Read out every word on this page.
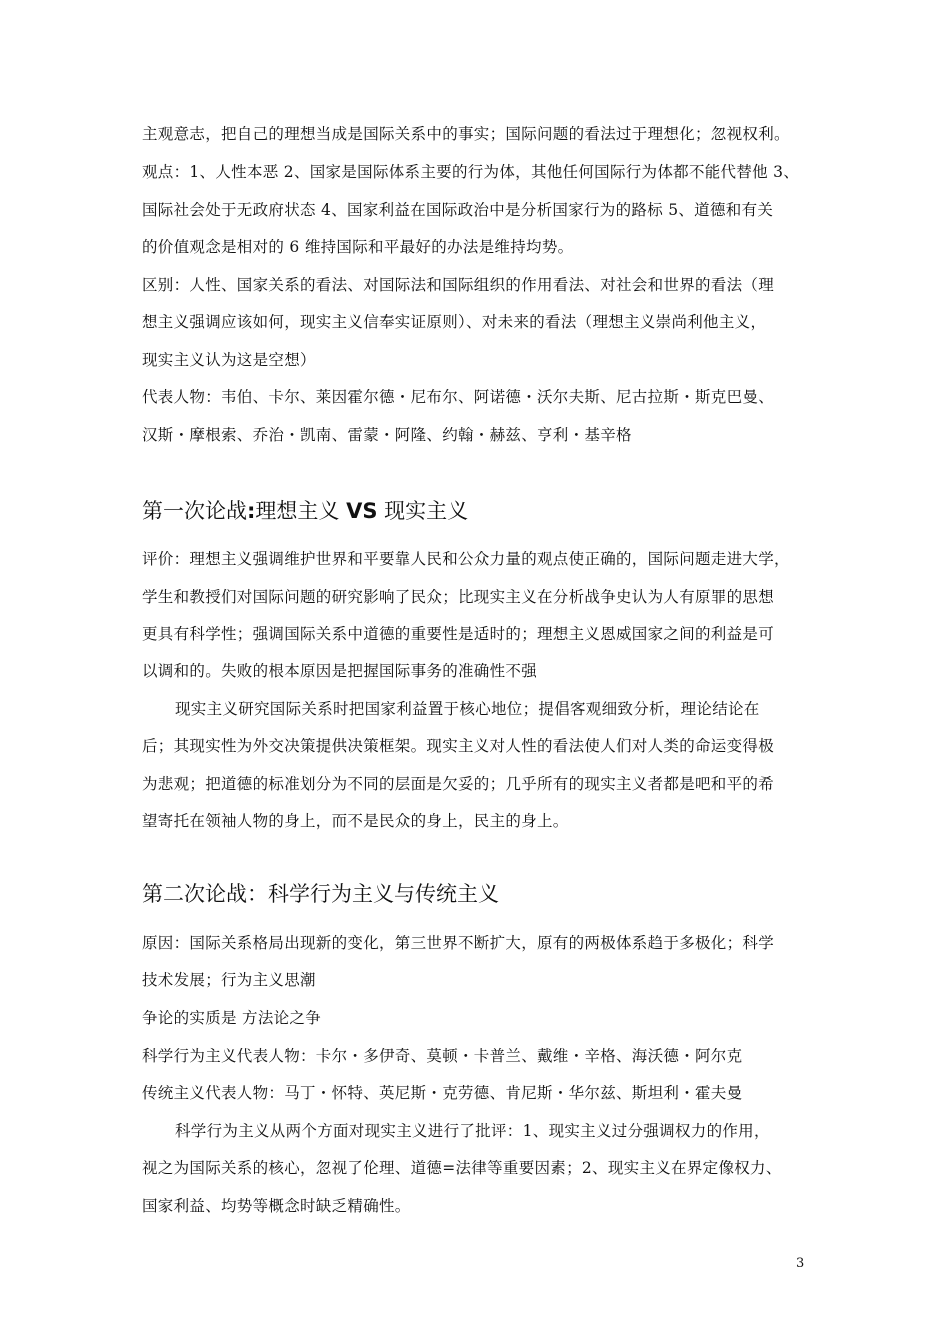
主观意志，把自己的理想当成是国际关系中的事实；国际问题的看法过于理想化；忽视权利。
观点：1、人性本恶 2、国家是国际体系主要的行为体，其他任何国际行为体都不能代替他 3、
国际社会处于无政府状态 4、国家利益在国际政治中是分析国家行为的路标 5、道德和有关
的价值观念是相对的 6 维持国际和平最好的办法是维持均势。
区别：人性、国家关系的看法、对国际法和国际组织的作用看法、对社会和世界的看法（理
想主义强调应该如何，现实主义信奉实证原则）、对未来的看法（理想主义崇尚利他主义，
现实主义认为这是空想）
代表人物：韦伯、卡尔、莱因霍尔德・尼布尔、阿诺德・沃尔夫斯、尼古拉斯・斯克巴曼、
汉斯・摩根索、乔治・凯南、雷蒙・阿隆、约翰・赫兹、亨利・基辛格
第一次论战:理想主义 VS 现实主义
评价：理想主义强调维护世界和平要靠人民和公众力量的观点使正确的，国际问题走进大学，
学生和教授们对国际问题的研究影响了民众；比现实主义在分析战争史认为人有原罪的思想
更具有科学性；强调国际关系中道德的重要性是适时的；理想主义恩威国家之间的利益是可
以调和的。失败的根本原因是把握国际事务的准确性不强
现实主义研究国际关系时把国家利益置于核心地位；提倡客观细致分析，理论结论在
后；其现实性为外交决策提供决策框架。现实主义对人性的看法使人们对人类的命运变得极
为悲观；把道德的标准划分为不同的层面是欠妥的；几乎所有的现实主义者都是吧和平的希
望寄托在领袖人物的身上，而不是民众的身上，民主的身上。
第二次论战：科学行为主义与传统主义
原因：国际关系格局出现新的变化，第三世界不断扩大，原有的两极体系趋于多极化；科学
技术发展；行为主义思潮
争论的实质是 方法论之争
科学行为主义代表人物：卡尔・多伊奇、莫顿・卡普兰、戴维・辛格、海沃德・阿尔克
传统主义代表人物：马丁・怀特、英尼斯・克劳德、肯尼斯・华尔兹、斯坦利・霍夫曼
科学行为主义从两个方面对现实主义进行了批评：1、现实主义过分强调权力的作用，
视之为国际关系的核心，忽视了伦理、道德=法律等重要因素；2、现实主义在界定像权力、
国家利益、均势等概念时缺乏精确性。
3
